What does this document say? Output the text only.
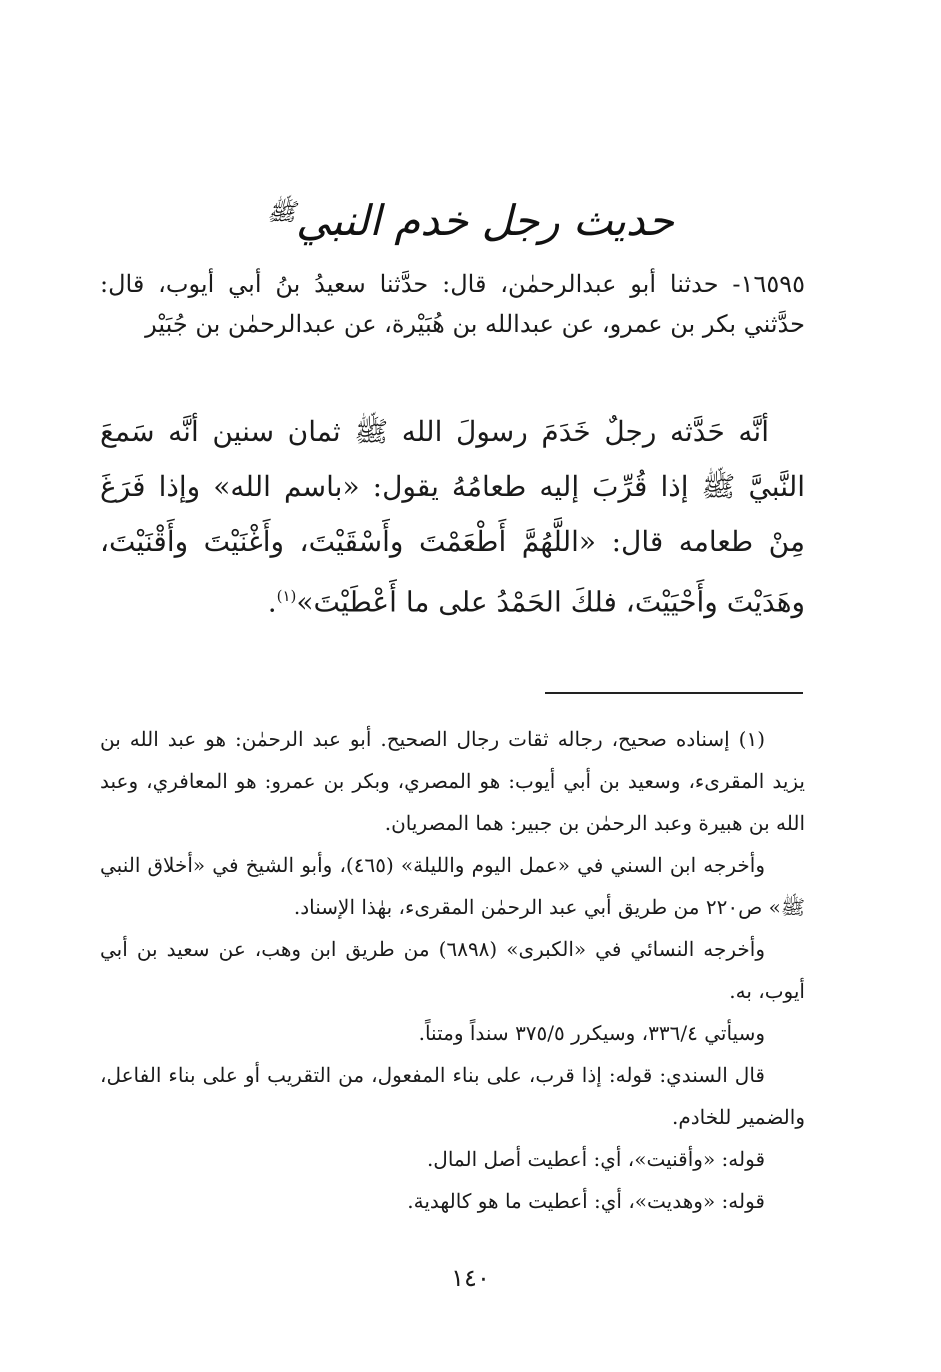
حديث رجل خدم النبي$^ﷺ$

١٦٥٩٥- حدثنا أبو عبدالرحمٰن، قال: حدَّثنا سعيدُ بنُ أبي أيوب، قال: حدَّثني بكر بن عمرو، عن عبدالله بن هُبَيْرة، عن عبدالرحمٰن بن جُبَيْر

أنَّه حَدَّثه رجلٌ خَدَمَ رسولَ الله ﷺ ثمان سنين أنَّه سَمعَ النَّبيَّ ﷺ إذا قُرِّبَ إليه طعامُهُ يقول: «باسم الله» وإذا فَرَغَ مِنْ طعامه قال: «اللَّهُمَّ أَطْعَمْتَ وأَسْقَيْتَ، وأَغْنَيْتَ وأَقْنَيْتَ، وهَدَيْتَ وأَحْيَيْتَ، فلكَ الحَمْدُ على ما أَعْطَيْتَ»$^{(١)}$.

(١) إسناده صحيح، رجاله ثقات رجال الصحيح. أبو عبد الرحمٰن: هو عبد الله بن يزيد المقرىء، وسعيد بن أبي أيوب: هو المصري، وبكر بن عمرو: هو المعافري، وعبد الله بن هبيرة وعبد الرحمٰن بن جبير: هما المصريان.

وأخرجه ابن السني في «عمل اليوم والليلة» (٤٦٥)، وأبو الشيخ في «أخلاق النبي ﷺ» ص٢٢٠ من طريق أبي عبد الرحمٰن المقرىء، بهٰذا الإسناد.

وأخرجه النسائي في «الكبرى» (٦٨٩٨) من طريق ابن وهب، عن سعيد بن أبي أيوب، به.

وسيأتي ٣٣٦/٤، وسيكرر ٣٧٥/٥ سنداً ومتناً.

قال السندي: قوله: إذا قرب، على بناء المفعول، من التقريب أو على بناء الفاعل، والضمير للخادم.

قوله: «وأقنيت»، أي: أعطيت أصل المال.

قوله: «وهديت»، أي: أعطيت ما هو كالهدية.

١٤٠
